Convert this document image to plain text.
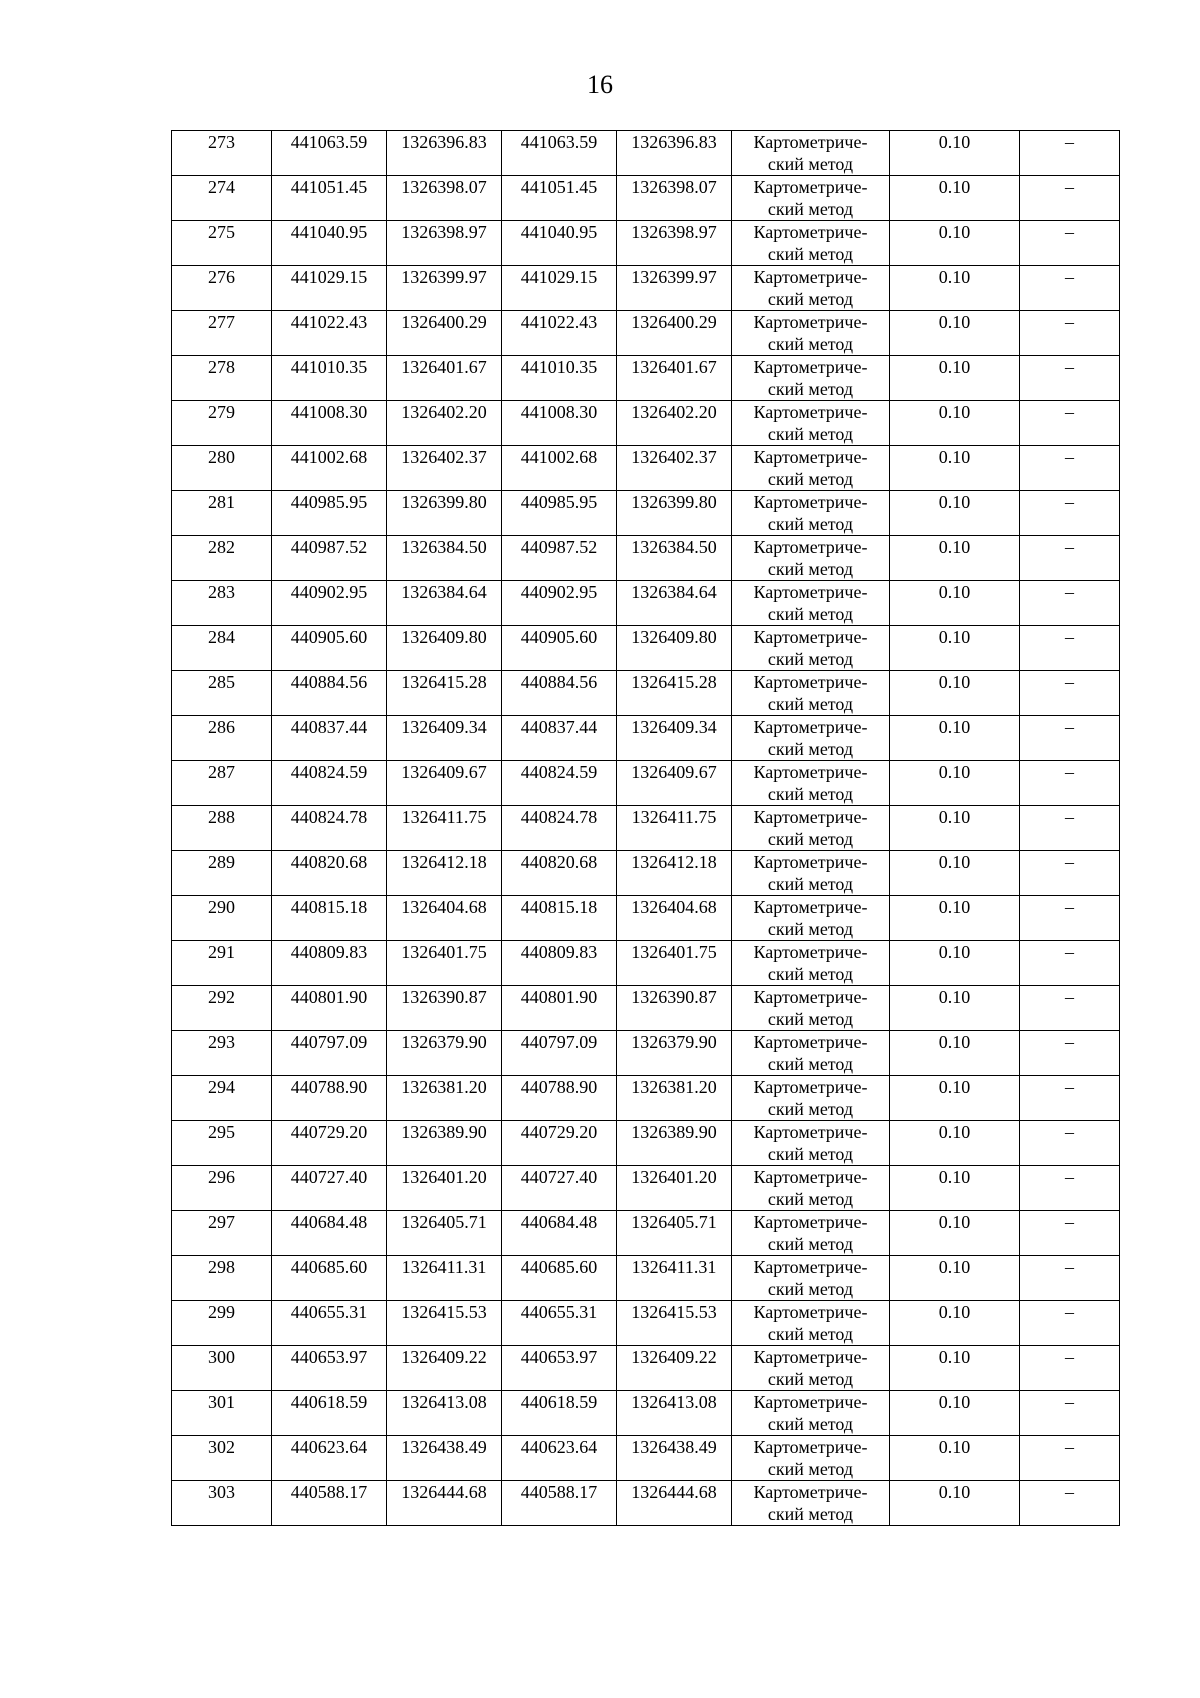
16
273	441063.59	1326396.83	441063.59	1326396.83	Картометриче-
ский метод	0.10	–
274	441051.45	1326398.07	441051.45	1326398.07	Картометриче-
ский метод	0.10	–
275	441040.95	1326398.97	441040.95	1326398.97	Картометриче-
ский метод	0.10	–
276	441029.15	1326399.97	441029.15	1326399.97	Картометриче-
ский метод	0.10	–
277	441022.43	1326400.29	441022.43	1326400.29	Картометриче-
ский метод	0.10	–
278	441010.35	1326401.67	441010.35	1326401.67	Картометриче-
ский метод	0.10	–
279	441008.30	1326402.20	441008.30	1326402.20	Картометриче-
ский метод	0.10	–
280	441002.68	1326402.37	441002.68	1326402.37	Картометриче-
ский метод	0.10	–
281	440985.95	1326399.80	440985.95	1326399.80	Картометриче-
ский метод	0.10	–
282	440987.52	1326384.50	440987.52	1326384.50	Картометриче-
ский метод	0.10	–
283	440902.95	1326384.64	440902.95	1326384.64	Картометриче-
ский метод	0.10	–
284	440905.60	1326409.80	440905.60	1326409.80	Картометриче-
ский метод	0.10	–
285	440884.56	1326415.28	440884.56	1326415.28	Картометриче-
ский метод	0.10	–
286	440837.44	1326409.34	440837.44	1326409.34	Картометриче-
ский метод	0.10	–
287	440824.59	1326409.67	440824.59	1326409.67	Картометриче-
ский метод	0.10	–
288	440824.78	1326411.75	440824.78	1326411.75	Картометриче-
ский метод	0.10	–
289	440820.68	1326412.18	440820.68	1326412.18	Картометриче-
ский метод	0.10	–
290	440815.18	1326404.68	440815.18	1326404.68	Картометриче-
ский метод	0.10	–
291	440809.83	1326401.75	440809.83	1326401.75	Картометриче-
ский метод	0.10	–
292	440801.90	1326390.87	440801.90	1326390.87	Картометриче-
ский метод	0.10	–
293	440797.09	1326379.90	440797.09	1326379.90	Картометриче-
ский метод	0.10	–
294	440788.90	1326381.20	440788.90	1326381.20	Картометриче-
ский метод	0.10	–
295	440729.20	1326389.90	440729.20	1326389.90	Картометриче-
ский метод	0.10	–
296	440727.40	1326401.20	440727.40	1326401.20	Картометриче-
ский метод	0.10	–
297	440684.48	1326405.71	440684.48	1326405.71	Картометриче-
ский метод	0.10	–
298	440685.60	1326411.31	440685.60	1326411.31	Картометриче-
ский метод	0.10	–
299	440655.31	1326415.53	440655.31	1326415.53	Картометриче-
ский метод	0.10	–
300	440653.97	1326409.22	440653.97	1326409.22	Картометриче-
ский метод	0.10	–
301	440618.59	1326413.08	440618.59	1326413.08	Картометриче-
ский метод	0.10	–
302	440623.64	1326438.49	440623.64	1326438.49	Картометриче-
ский метод	0.10	–
303	440588.17	1326444.68	440588.17	1326444.68	Картометриче-
ский метод	0.10	–
